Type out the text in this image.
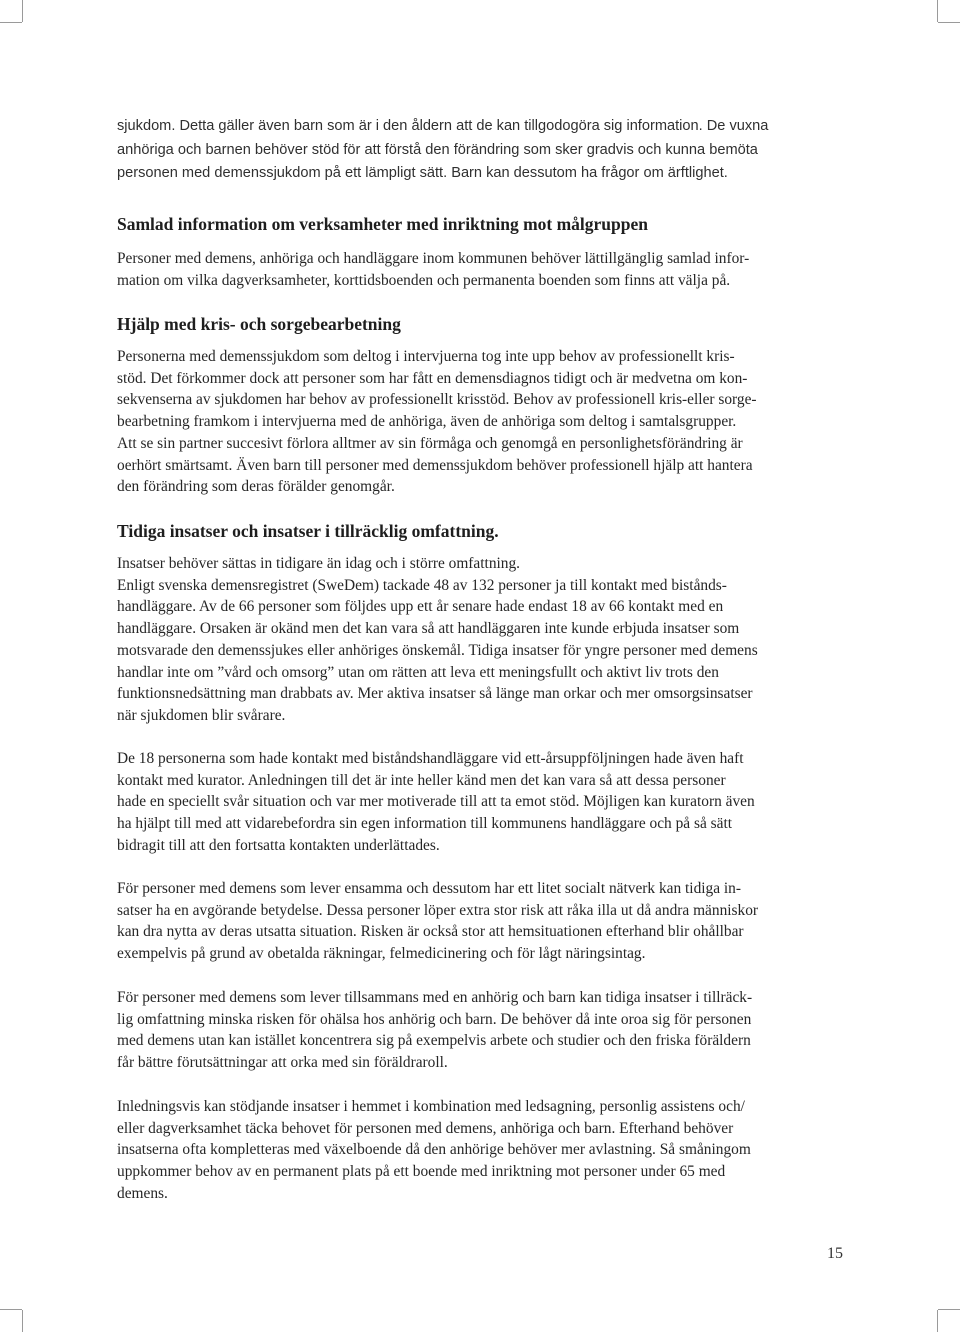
sjukdom. Detta gäller även barn som är i den åldern att de kan tillgodogöra sig information. De vuxna

anhöriga och barnen behöver stöd för att förstå den förändring som sker gradvis och kunna bemöta

personen med demenssjukdom på ett lämpligt sätt. Barn kan dessutom ha frågor om ärftlighet.

Samlad information om verksamheter med inriktning mot målgruppen

Personer med demens, anhöriga och handläggare inom kommunen behöver lättillgänglig samlad infor-

mation om vilka dagverksamheter, korttidsboenden och permanenta boenden som finns att välja på.

Hjälp med kris- och sorgebearbetning

Personerna med demenssjukdom som deltog i intervjuerna tog inte upp behov av professionellt kris-

stöd. Det förkommer dock att personer som har fått en demensdiagnos tidigt och är medvetna om kon-

sekvenserna av sjukdomen har behov av professionellt krisstöd. Behov av professionell kris-eller sorge-

bearbetning framkom i intervjuerna med de anhöriga, även de anhöriga som deltog i samtalsgrupper.

Att se sin partner succesivt förlora alltmer av sin förmåga och genomgå en personlighetsförändring är

oerhört smärtsamt. Även barn till personer med demenssjukdom behöver professionell hjälp att hantera

den förändring som deras förälder genomgår.

Tidiga insatser och insatser i tillräcklig omfattning.

Insatser behöver sättas in tidigare än idag och i större omfattning.

Enligt svenska demensregistret (SweDem) tackade 48 av 132 personer ja till kontakt med bistånds-

handläggare. Av de 66 personer som följdes upp ett år senare hade endast 18 av 66 kontakt med en

handläggare. Orsaken är okänd men det kan vara så att handläggaren inte kunde erbjuda insatser som

motsvarade den demenssjukes eller anhöriges önskemål. Tidiga insatser för yngre personer med demens

handlar inte om ”vård och omsorg” utan om rätten att leva ett meningsfullt och aktivt liv trots den

funktionsnedsättning man drabbats av. Mer aktiva insatser så länge man orkar och mer omsorgsinsatser

när sjukdomen blir svårare.

De 18 personerna som hade kontakt med biståndshandläggare vid ett-årsuppföljningen hade även haft

kontakt med kurator. Anledningen till det är inte heller känd men det kan vara så att dessa personer

hade en speciellt svår situation och var mer motiverade till att ta emot stöd. Möjligen kan kuratorn även

ha hjälpt till med att vidarebefordra sin egen information till kommunens handläggare och på så sätt

bidragit till att den fortsatta kontakten underlättades.

För personer med demens som lever ensamma och dessutom har ett litet socialt nätverk kan tidiga in-

satser ha en avgörande betydelse. Dessa personer löper extra stor risk att råka illa ut då andra människor

kan dra nytta av deras utsatta situation. Risken är också stor att hemsituationen efterhand blir ohållbar

exempelvis på grund av obetalda räkningar, felmedicinering och för lågt näringsintag.

För personer med demens som lever tillsammans med en anhörig och barn kan tidiga insatser i tillräck-

lig omfattning minska risken för ohälsa hos anhörig och barn. De behöver då inte oroa sig för personen

med demens utan kan istället koncentrera sig på exempelvis arbete och studier och den friska föräldern

får bättre förutsättningar att orka med sin föräldraroll.

Inledningsvis kan stödjande insatser i hemmet i kombination med ledsagning, personlig assistens och/

eller dagverksamhet täcka behovet för personen med demens, anhöriga och barn. Efterhand behöver

insatserna ofta kompletteras med växelboende då den anhörige behöver mer avlastning. Så småningom

uppkommer behov av en permanent plats på ett boende med inriktning mot personer under 65 med

demens.

15
